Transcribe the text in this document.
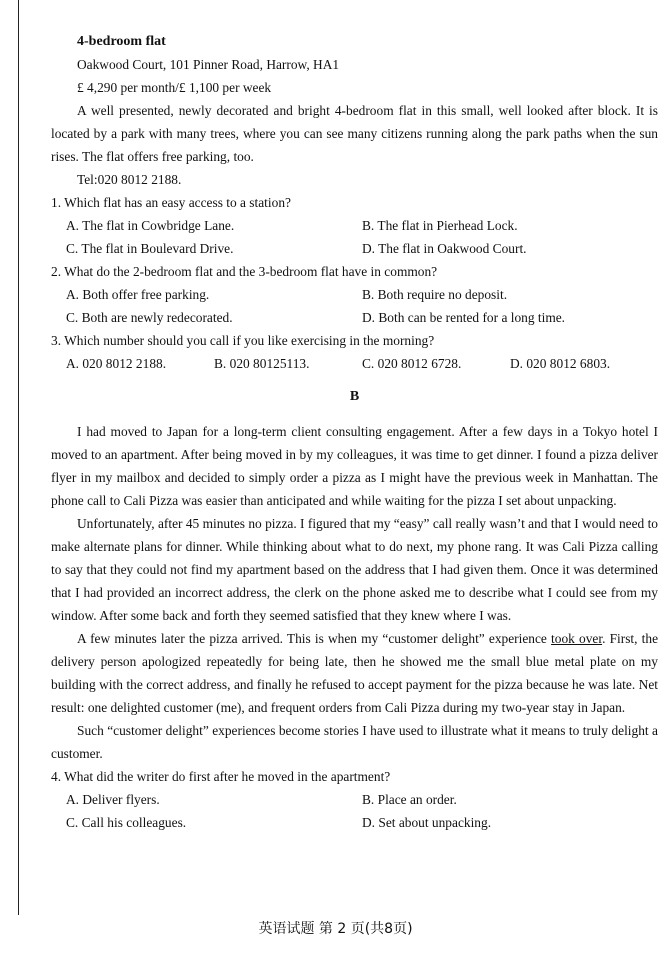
4-bedroom flat
Oakwood Court, 101 Pinner Road, Harrow, HA1
£ 4,290 per month/£ 1,100 per week

A well presented, newly decorated and bright 4-bedroom flat in this small, well looked after block. It is located by a park with many trees, where you can see many citizens running along the park paths when the sun rises. The flat offers free parking, too.

Tel:020 8012 2188.

1. Which flat has an easy access to a station?

A. The flat in Cowbridge Lane.	B. The flat in Pierhead Lock.
C. The flat in Boulevard Drive.	D. The flat in Oakwood Court.

2. What do the 2-bedroom flat and the 3-bedroom flat have in common?

A. Both offer free parking.	B. Both require no deposit.
C. Both are newly redecorated.	D. Both can be rented for a long time.

3. Which number should you call if you like exercising in the morning?

A. 020 8012 2188.	B. 020 80125113.	C. 020 8012 6728.	D. 020 8012 6803.
B

I had moved to Japan for a long-term client consulting engagement. After a few days in a Tokyo hotel I moved to an apartment. After being moved in by my colleagues, it was time to get dinner. I found a pizza deliver flyer in my mailbox and decided to simply order a pizza as I might have the previous week in Manhattan. The phone call to Cali Pizza was easier than anticipated and while waiting for the pizza I set about unpacking.

Unfortunately, after 45 minutes no pizza. I figured that my “easy” call really wasn’t and that I would need to make alternate plans for dinner. While thinking about what to do next, my phone rang. It was Cali Pizza calling to say that they could not find my apartment based on the address that I had given them. Once it was determined that I had provided an incorrect address, the clerk on the phone asked me to describe what I could see from my window. After some back and forth they seemed satisfied that they knew where I was.

A few minutes later the pizza arrived. This is when my “customer delight” experience took over. First, the delivery person apologized repeatedly for being late, then he showed me the small blue metal plate on my building with the correct address, and finally he refused to accept payment for the pizza because he was late. Net result: one delighted customer (me), and frequent orders from Cali Pizza during my two-year stay in Japan.

Such “customer delight” experiences become stories I have used to illustrate what it means to truly delight a customer.

4. What did the writer do first after he moved in the apartment?

A. Deliver flyers.	B. Place an order.
C. Call his colleagues.	D. Set about unpacking.
英语试题 第 2 页(共8页)
